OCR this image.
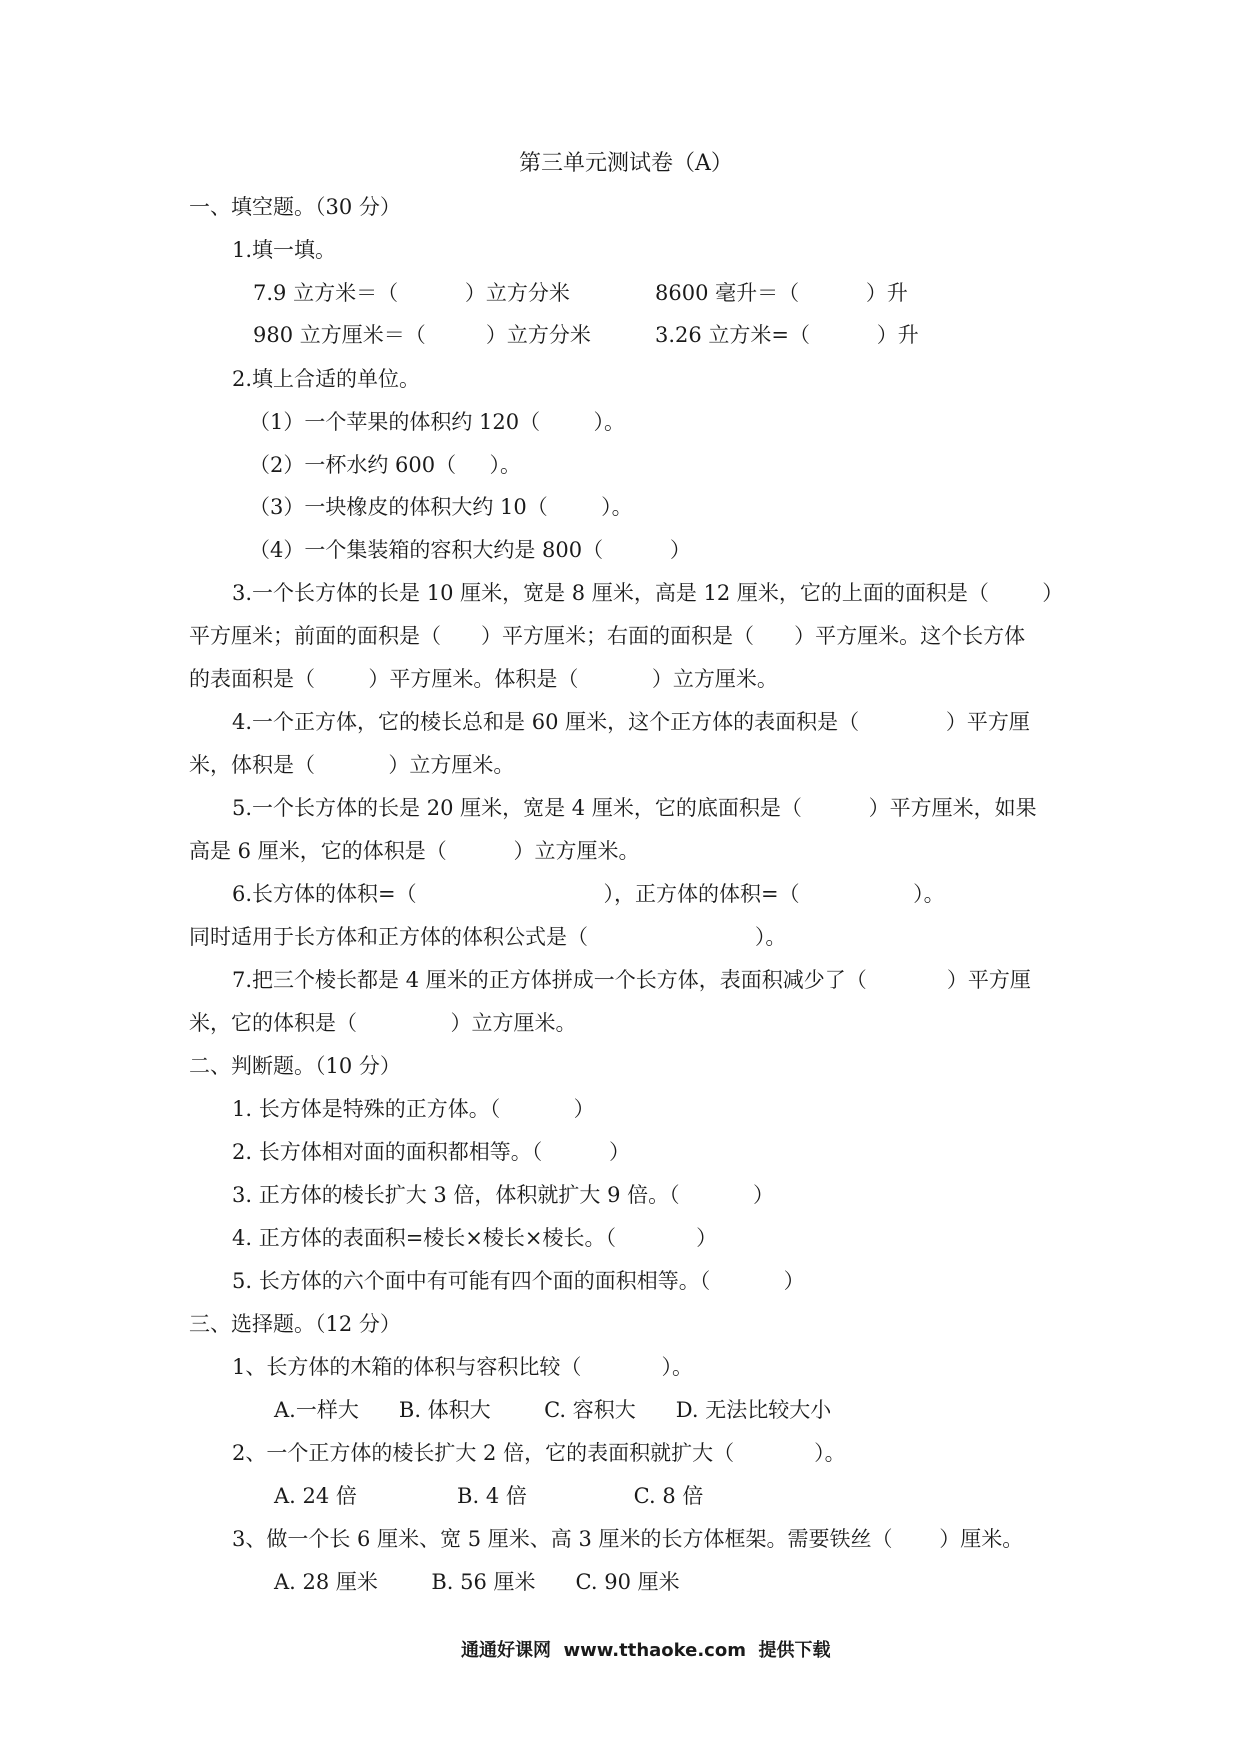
第三单元测试卷（A）
一、填空题。（30 分）
1.填一填。
7.9 立方米＝（          ）立方分米	8600 毫升＝（          ）升
980 立方厘米＝（         ）立方分米	3.26 立方米=（          ）升
2.填上合适的单位。
（1）一个苹果的体积约 120（        ）。
（2）一杯水约 600（     ）。
（3）一块橡皮的体积大约 10（        ）。
（4）一个集装箱的容积大约是 800（          ）
3.一个长方体的长是 10 厘米，宽是 8 厘米，高是 12 厘米，它的上面的面积是（        ）
平方厘米；前面的面积是（      ）平方厘米；右面的面积是（      ）平方厘米。这个长方体
的表面积是（        ）平方厘米。体积是（           ）立方厘米。
4.一个正方体，它的棱长总和是 60 厘米，这个正方体的表面积是（             ）平方厘
米，体积是（           ）立方厘米。
5.一个长方体的长是 20 厘米，宽是 4 厘米，它的底面积是（          ）平方厘米，如果
高是 6 厘米，它的体积是（          ）立方厘米。
6.长方体的体积=（                            ），正方体的体积=（                 ）。
同时适用于长方体和正方体的体积公式是（                         ）。
7.把三个棱长都是 4 厘米的正方体拼成一个长方体，表面积减少了（            ）平方厘
米，它的体积是（              ）立方厘米。
二、判断题。（10 分）
1. 长方体是特殊的正方体。（           ）
2. 长方体相对面的面积都相等。（          ）
3. 正方体的棱长扩大 3 倍，体积就扩大 9 倍。（           ）
4. 正方体的表面积=棱长×棱长×棱长。（            ）
5. 长方体的六个面中有可能有四个面的面积相等。（           ）
三、选择题。（12 分）
1、长方体的木箱的体积与容积比较（            ）。
A.一样大      B. 体积大        C. 容积大      D. 无法比较大小
2、一个正方体的棱长扩大 2 倍，它的表面积就扩大（            ）。
A. 24 倍               B. 4 倍                C. 8 倍
3、做一个长 6 厘米、宽 5 厘米、高 3 厘米的长方体框架。需要铁丝（       ）厘米。
A. 28 厘米        B. 56 厘米      C. 90 厘米
通通好课网  www.tthaoke.com  提供下载
